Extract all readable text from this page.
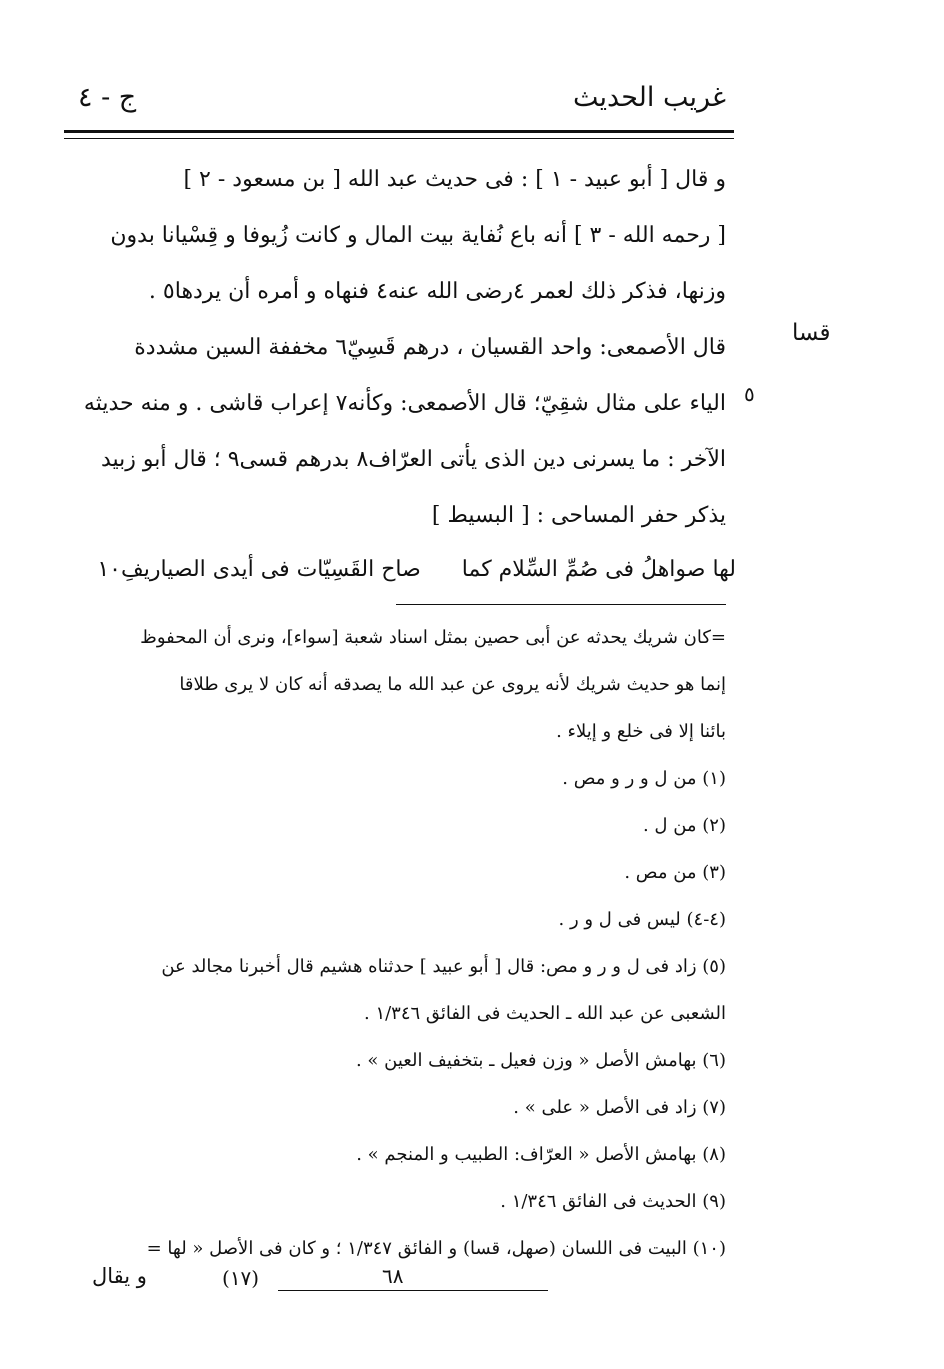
غريب الحديث
ج - ٤
قسا
٥
و قال [ أبو عبيد - ١ ] : فى حديث عبد الله [ بن مسعود - ٢ ]
[ رحمه الله - ٣ ] أنه باع نُفاية بيت المال و كانت زُيوفا و قِسْيانا بدون
وزنها، فذكر ذلك لعمر ٤رضى الله عنه٤ فنهاه و أمره أن يردها٥ .
قال الأصمعى: واحد القسيان ، درهم قَسِيّ٦ مخففة السين مشددة
الياء على مثال شقِيّ؛ قال الأصمعى: وكأنه٧ إعراب قاشى . و منه حديثه
الآخر : ما يسرنى دين الذى يأتى العرّاف٨ بدرهم قسى٩ ؛ قال أبو زبيد
يذكر حفر المساحى : [ البسيط ]
لها صواهلُ فى صُمِّ السِّلام كما صاح القَسِيّات فى أيدى الصياريفِ١٠
=كان شريك يحدثه عن أبى حصين بمثل اسناد شعبة [سواء]، ونرى أن المحفوظ
إنما هو حديث شريك لأنه يروى عن عبد الله ما يصدقه أنه كان لا يرى طلاقا
بائنا إلا فى خلع و إيلاء .
(١) من ل و ر و مص .
(٢) من ل .
(٣) من مص .
(٤-٤) ليس فى ل و ر .
(٥) زاد فى ل و ر و مص: قال [ أبو عبيد ] حدثناه هشيم قال أخبرنا مجالد عن
الشعبى عن عبد الله ـ الحديث فى الفائق ١/٣٤٦ .
(٦) بهامش الأصل « وزن فعيل ـ بتخفيف العين » .
(٧) زاد فى الأصل « على » .
(٨) بهامش الأصل « العرّاف: الطبيب و المنجم » .
(٩) الحديث فى الفائق ١/٣٤٦ .
(١٠) البيت فى اللسان (صهل، قسا) و الفائق ١/٣٤٧ ؛ و كان فى الأصل « لها =
و يقال	(١٧)	٦٨
